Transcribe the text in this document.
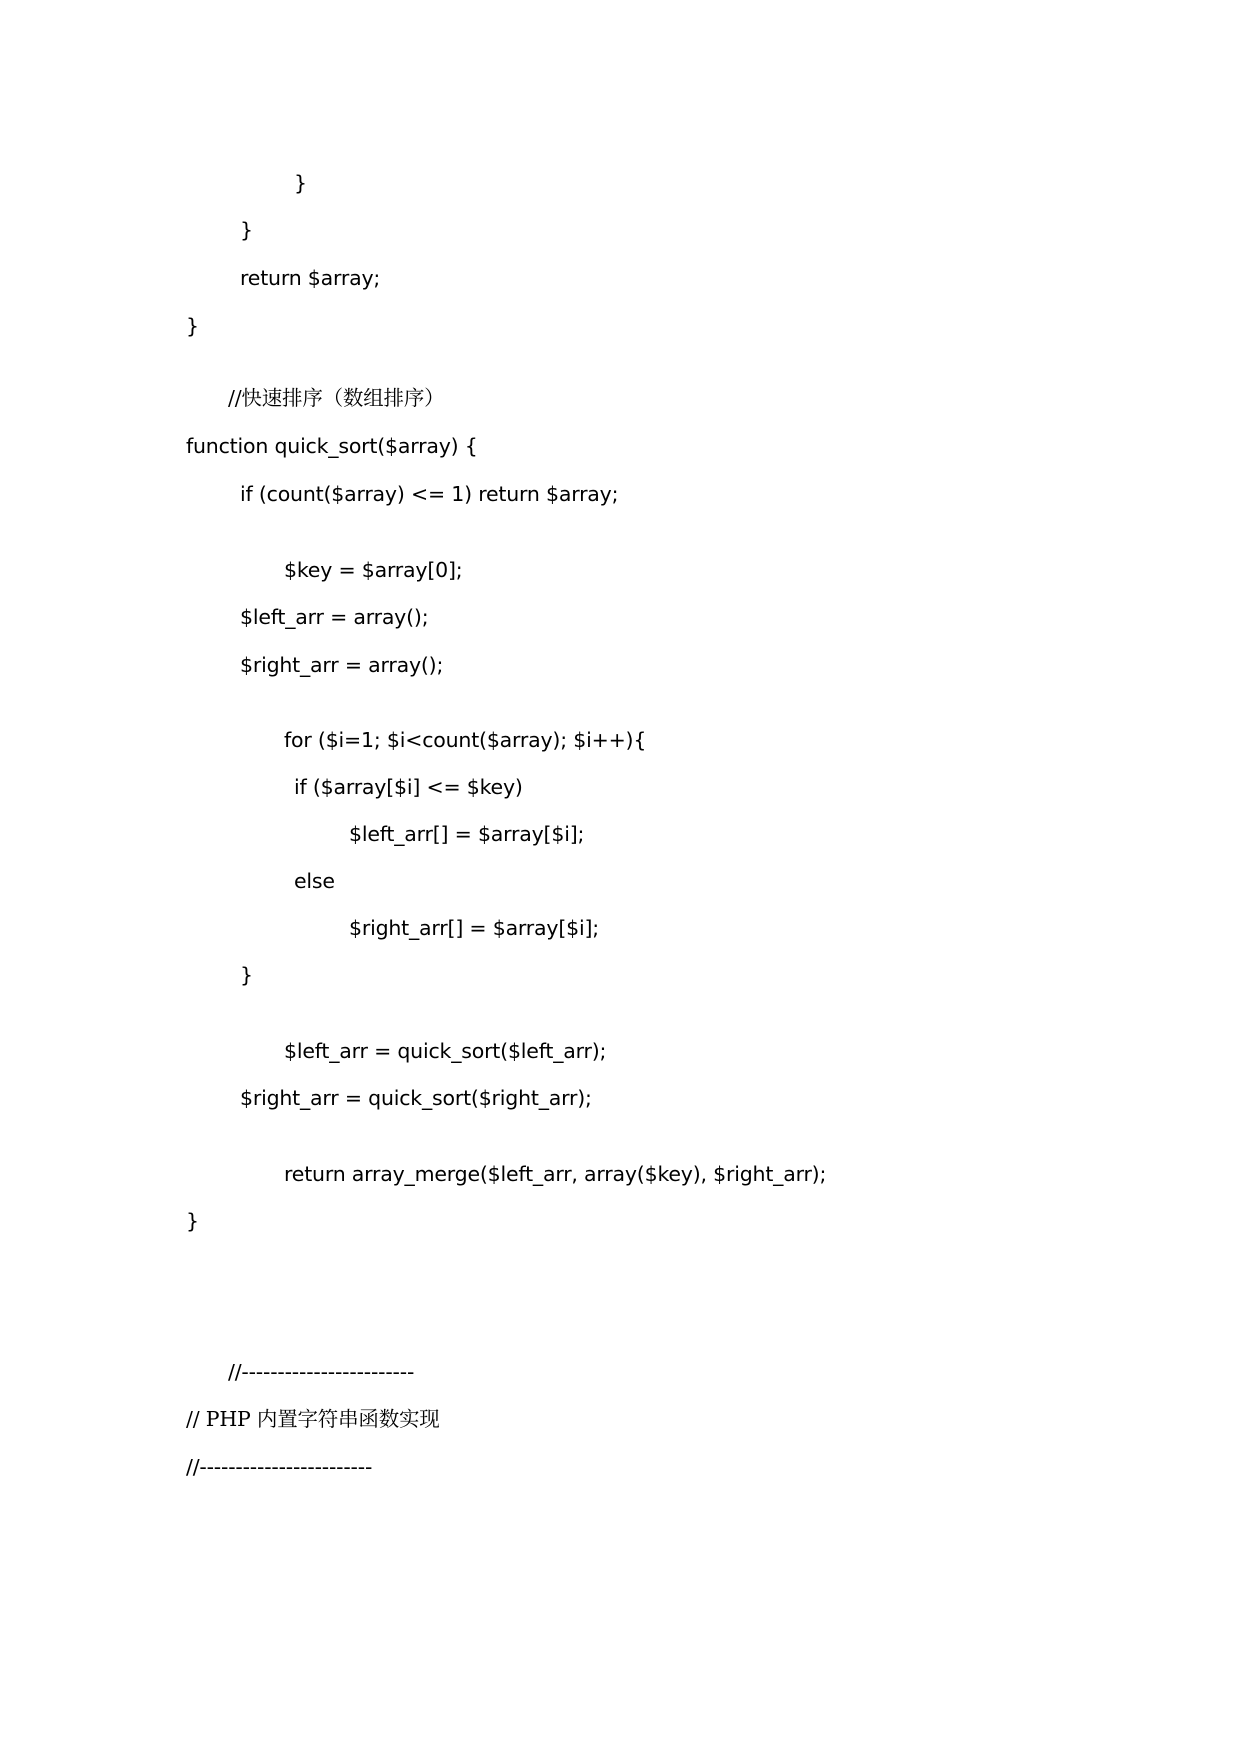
}
}
return $array;
}
//快速排序（数组排序）
function quick_sort($array) {
if (count($array) <= 1) return $array;
$key = $array[0];
$left_arr = array();
$right_arr = array();
for ($i=1; $i<count($array); $i++){
if ($array[$i] <= $key)
$left_arr[] = $array[$i];
else
$right_arr[] = $array[$i];
}
$left_arr = quick_sort($left_arr);
$right_arr = quick_sort($right_arr);
return array_merge($left_arr, array($key), $right_arr);
}
//------------------------
// PHP 内置字符串函数实现
//------------------------
